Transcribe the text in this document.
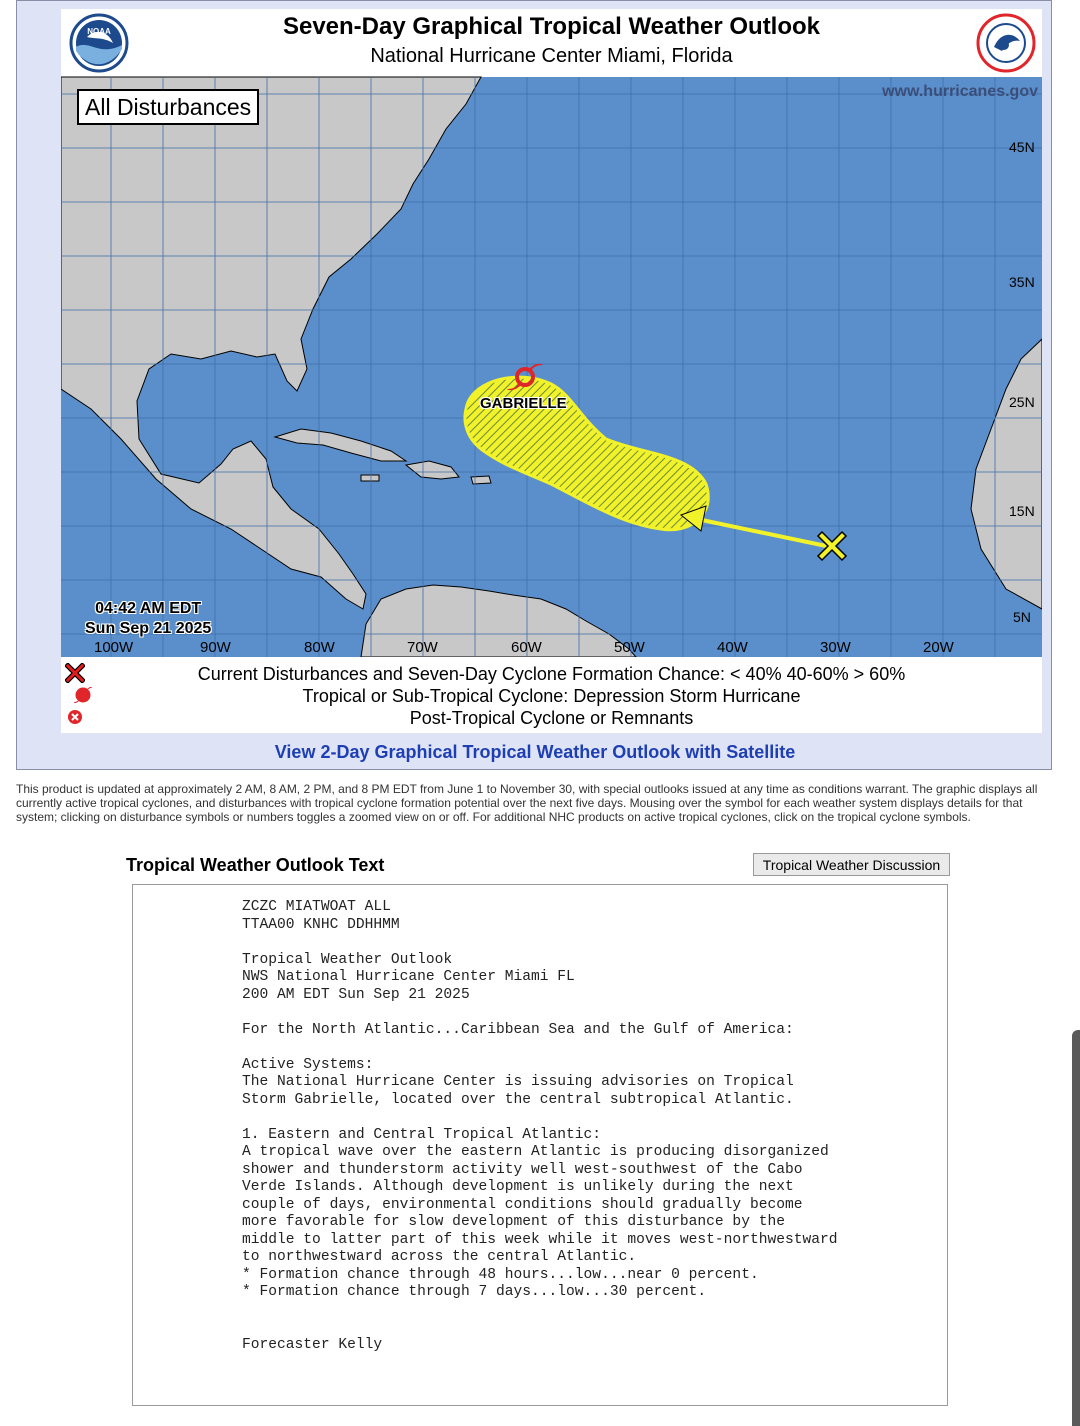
NOAA	Seven-Day Graphical Tropical Weather Outlook
National Hurricane Center Miami, Florida
All Disturbances
www.hurricanes.gov
45N
35N
25N
15N
5N
100W	90W	80W	70W	60W	50W	40W	30W	20W
04:42 AM EDT
Sun Sep 21 2025
GABRIELLE
Current Disturbances and Seven-Day Cyclone Formation Chance: < 40% 40-60% > 60%
Tropical or Sub-Tropical Cyclone: Depression Storm Hurricane
Post-Tropical Cyclone or Remnants
View 2-Day Graphical Tropical Weather Outlook with Satellite
This product is updated at approximately 2 AM, 8 AM, 2 PM, and 8 PM EDT from June 1 to November 30, with special outlooks issued at any time as conditions warrant. The graphic displays all currently active tropical cyclones, and disturbances with tropical cyclone formation potential over the next five days. Mousing over the symbol for each weather system displays details for that system; clicking on disturbance symbols or numbers toggles a zoomed view on or off. For additional NHC products on active tropical cyclones, click on the tropical cyclone symbols.
Tropical Weather Outlook Text	Tropical Weather Discussion
ZCZC MIATWOAT ALL
TTAA00 KNHC DDHHMM

Tropical Weather Outlook
NWS National Hurricane Center Miami FL
200 AM EDT Sun Sep 21 2025

For the North Atlantic...Caribbean Sea and the Gulf of America:

Active Systems:
The National Hurricane Center is issuing advisories on Tropical
Storm Gabrielle, located over the central subtropical Atlantic.

1. Eastern and Central Tropical Atlantic:
A tropical wave over the eastern Atlantic is producing disorganized
shower and thunderstorm activity well west-southwest of the Cabo
Verde Islands. Although development is unlikely during the next
couple of days, environmental conditions should gradually become
more favorable for slow development of this disturbance by the
middle to latter part of this week while it moves west-northwestward
to northwestward across the central Atlantic.
* Formation chance through 48 hours...low...near 0 percent.
* Formation chance through 7 days...low...30 percent.

Forecaster Kelly
